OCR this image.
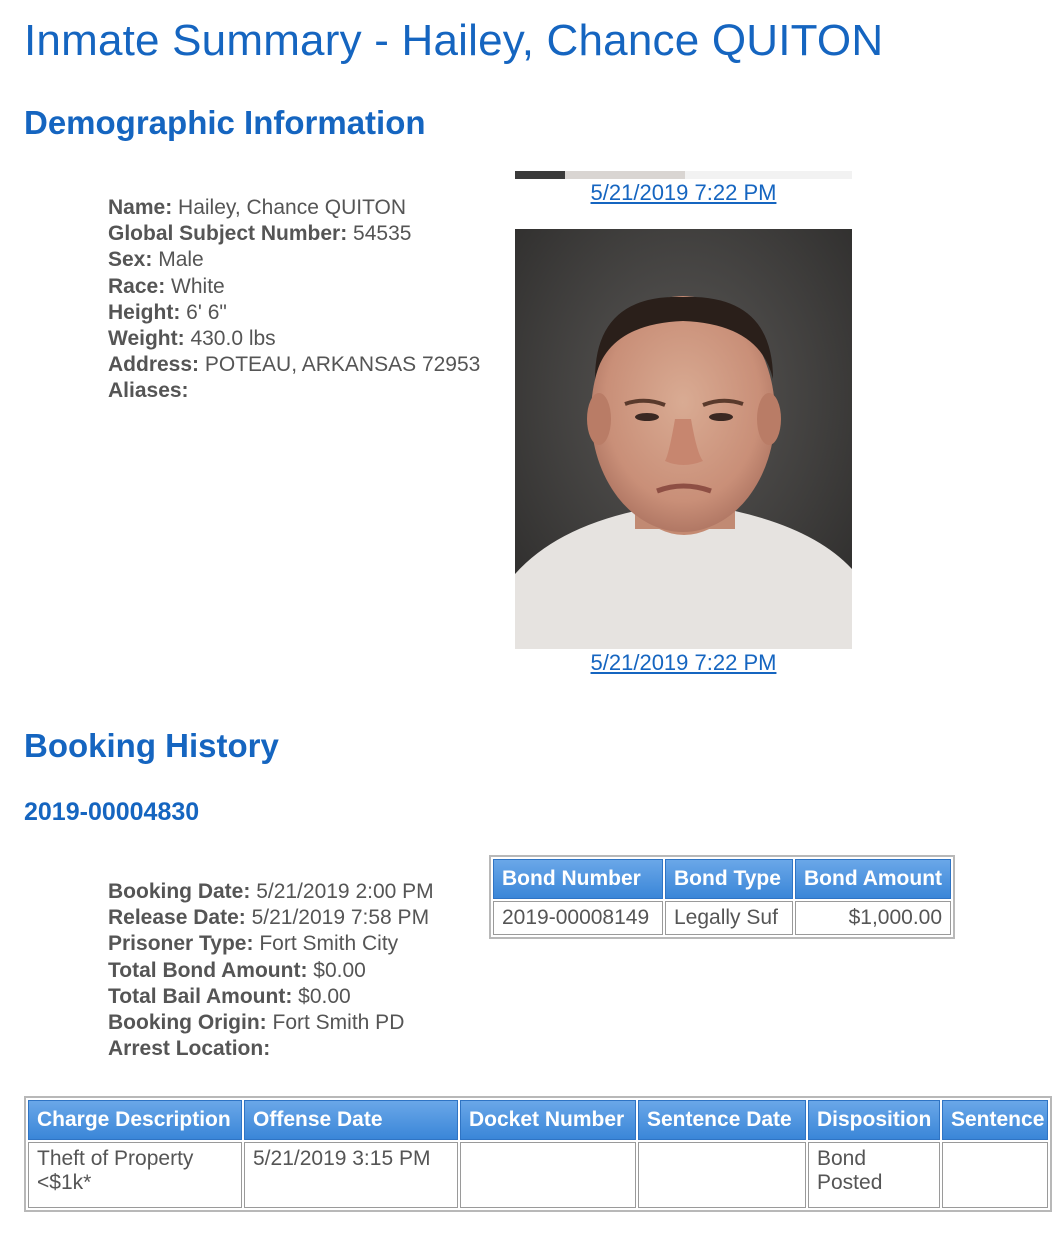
Inmate Summary - Hailey, Chance QUITON
Demographic Information
Name: Hailey, Chance QUITON
Global Subject Number: 54535
Sex: Male
Race: White
Height: 6' 6"
Weight: 430.0 lbs
Address: POTEAU, ARKANSAS 72953
Aliases:
5/21/2019 7:22 PM
5/21/2019 7:22 PM
Booking History
2019-00004830
Booking Date: 5/21/2019 2:00 PM
Release Date: 5/21/2019 7:58 PM
Prisoner Type: Fort Smith City
Total Bond Amount: $0.00
Total Bail Amount: $0.00
Booking Origin: Fort Smith PD
Arrest Location:
Bond Number	Bond Type	Bond Amount
2019-00008149	Legally Suf	$1,000.00
Charge Description	Offense Date	Docket Number	Sentence Date	Disposition	Sentence
Theft of Property <$1k*	5/21/2019 3:15 PM			Bond Posted	
